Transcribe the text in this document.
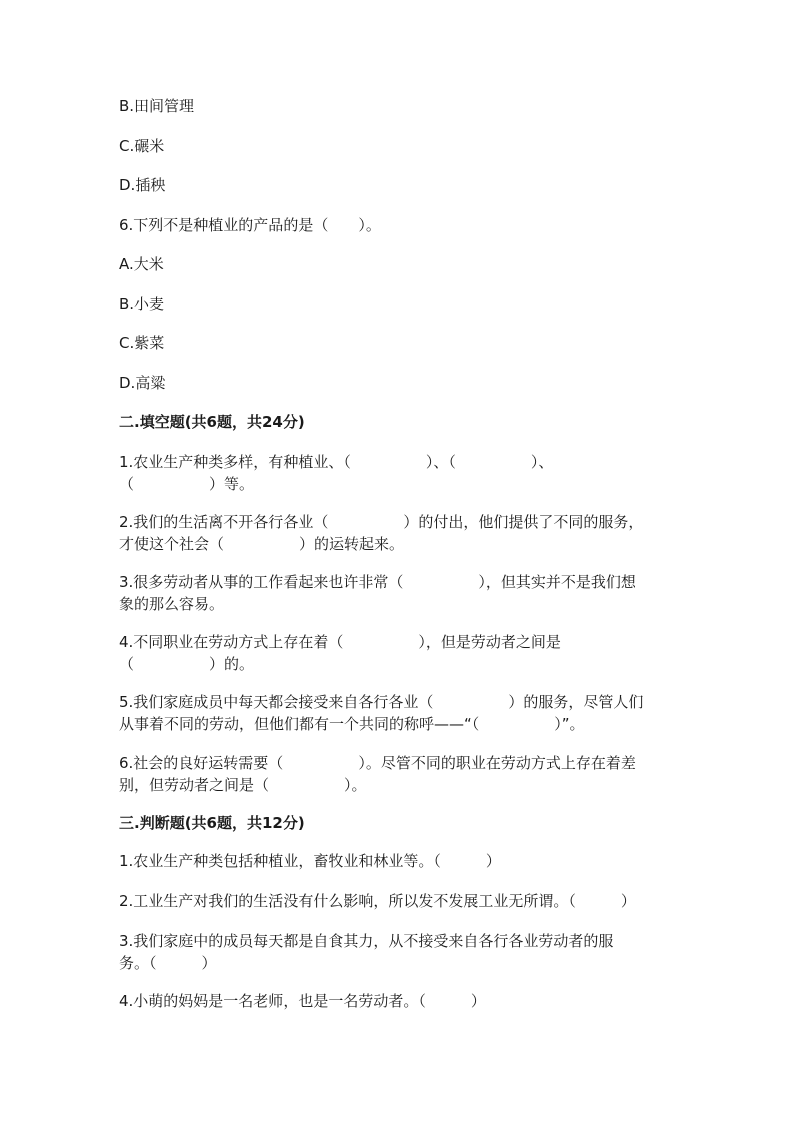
B.田间管理
C.碾米
D.插秧
6.下列不是种植业的产品的是（　　）。
A.大米
B.小麦
C.紫菜
D.高粱
二.填空题(共6题，共24分)
1.农业生产种类多样，有种植业、（　　　　　）、（　　　　　）、
（　　　　　）等。
2.我们的生活离不开各行各业（　　　　　）的付出，他们提供了不同的服务，
才使这个社会（　　　　　）的运转起来。
3.很多劳动者从事的工作看起来也许非常（　　　　　），但其实并不是我们想
象的那么容易。
4.不同职业在劳动方式上存在着（　　　　　），但是劳动者之间是
（　　　　　）的。
5.我们家庭成员中每天都会接受来自各行各业（　　　　　）的服务，尽管人们
从事着不同的劳动，但他们都有一个共同的称呼——“（　　　　　）”。
6.社会的良好运转需要（　　　　　）。尽管不同的职业在劳动方式上存在着差
别，但劳动者之间是（　　　　　）。
三.判断题(共6题，共12分)
1.农业生产种类包括种植业，畜牧业和林业等。（　　　）
2.工业生产对我们的生活没有什么影响，所以发不发展工业无所谓。（　　　）
3.我们家庭中的成员每天都是自食其力，从不接受来自各行各业劳动者的服
务。（　　　）
4.小萌的妈妈是一名老师，也是一名劳动者。（　　　）
